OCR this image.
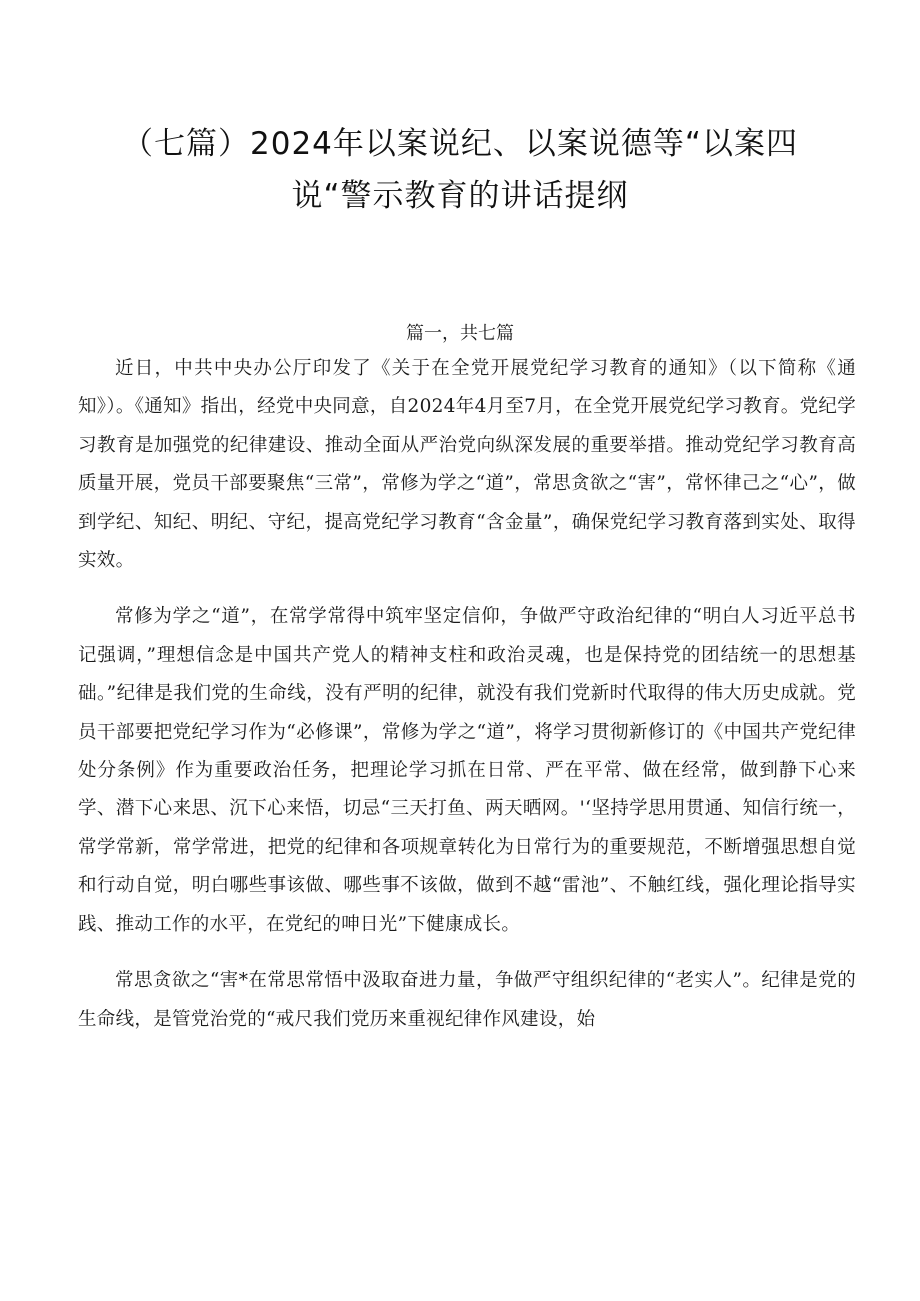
（七篇）2024年以案说纪、以案说德等“以案四说“警示教育的讲话提纲
篇一，共七篇

近日，中共中央办公厅印发了《关于在全党开展党纪学习教育的通知》（以下简称《通知》）。《通知》指出，经党中央同意，自2024年4月至7月，在全党开展党纪学习教育。党纪学习教育是加强党的纪律建设、推动全面从严治党向纵深发展的重要举措。推动党纪学习教育高质量开展，党员干部要聚焦“三常”，常修为学之“道”，常思贪欲之“害”，常怀律己之“心”，做到学纪、知纪、明纪、守纪，提高党纪学习教育“含金量”，确保党纪学习教育落到实处、取得实效。

常修为学之“道”，在常学常得中筑牢坚定信仰，争做严守政治纪律的“明白人习近平总书记强调，”理想信念是中国共产党人的精神支柱和政治灵魂，也是保持党的团结统一的思想基础。”纪律是我们党的生命线，没有严明的纪律，就没有我们党新时代取得的伟大历史成就。党员干部要把党纪学习作为“必修课”，常修为学之“道”，将学习贯彻新修订的《中国共产党纪律处分条例》作为重要政治任务，把理论学习抓在日常、严在平常、做在经常，做到静下心来学、潜下心来思、沉下心来悟，切忌“三天打鱼、两天晒网。'‘坚持学思用贯通、知信行统一，常学常新，常学常进，把党的纪律和各项规章转化为日常行为的重要规范，不断增强思想自觉和行动自觉，明白哪些事该做、哪些事不该做，做到不越“雷池”、不触红线，强化理论指导实践、推动工作的水平，在党纪的呻日光”下健康成长。

常思贪欲之“害*在常思常悟中汲取奋进力量，争做严守组织纪律的“老实人”。纪律是党的生命线，是管党治党的“戒尺我们党历来重视纪律作风建设，始
